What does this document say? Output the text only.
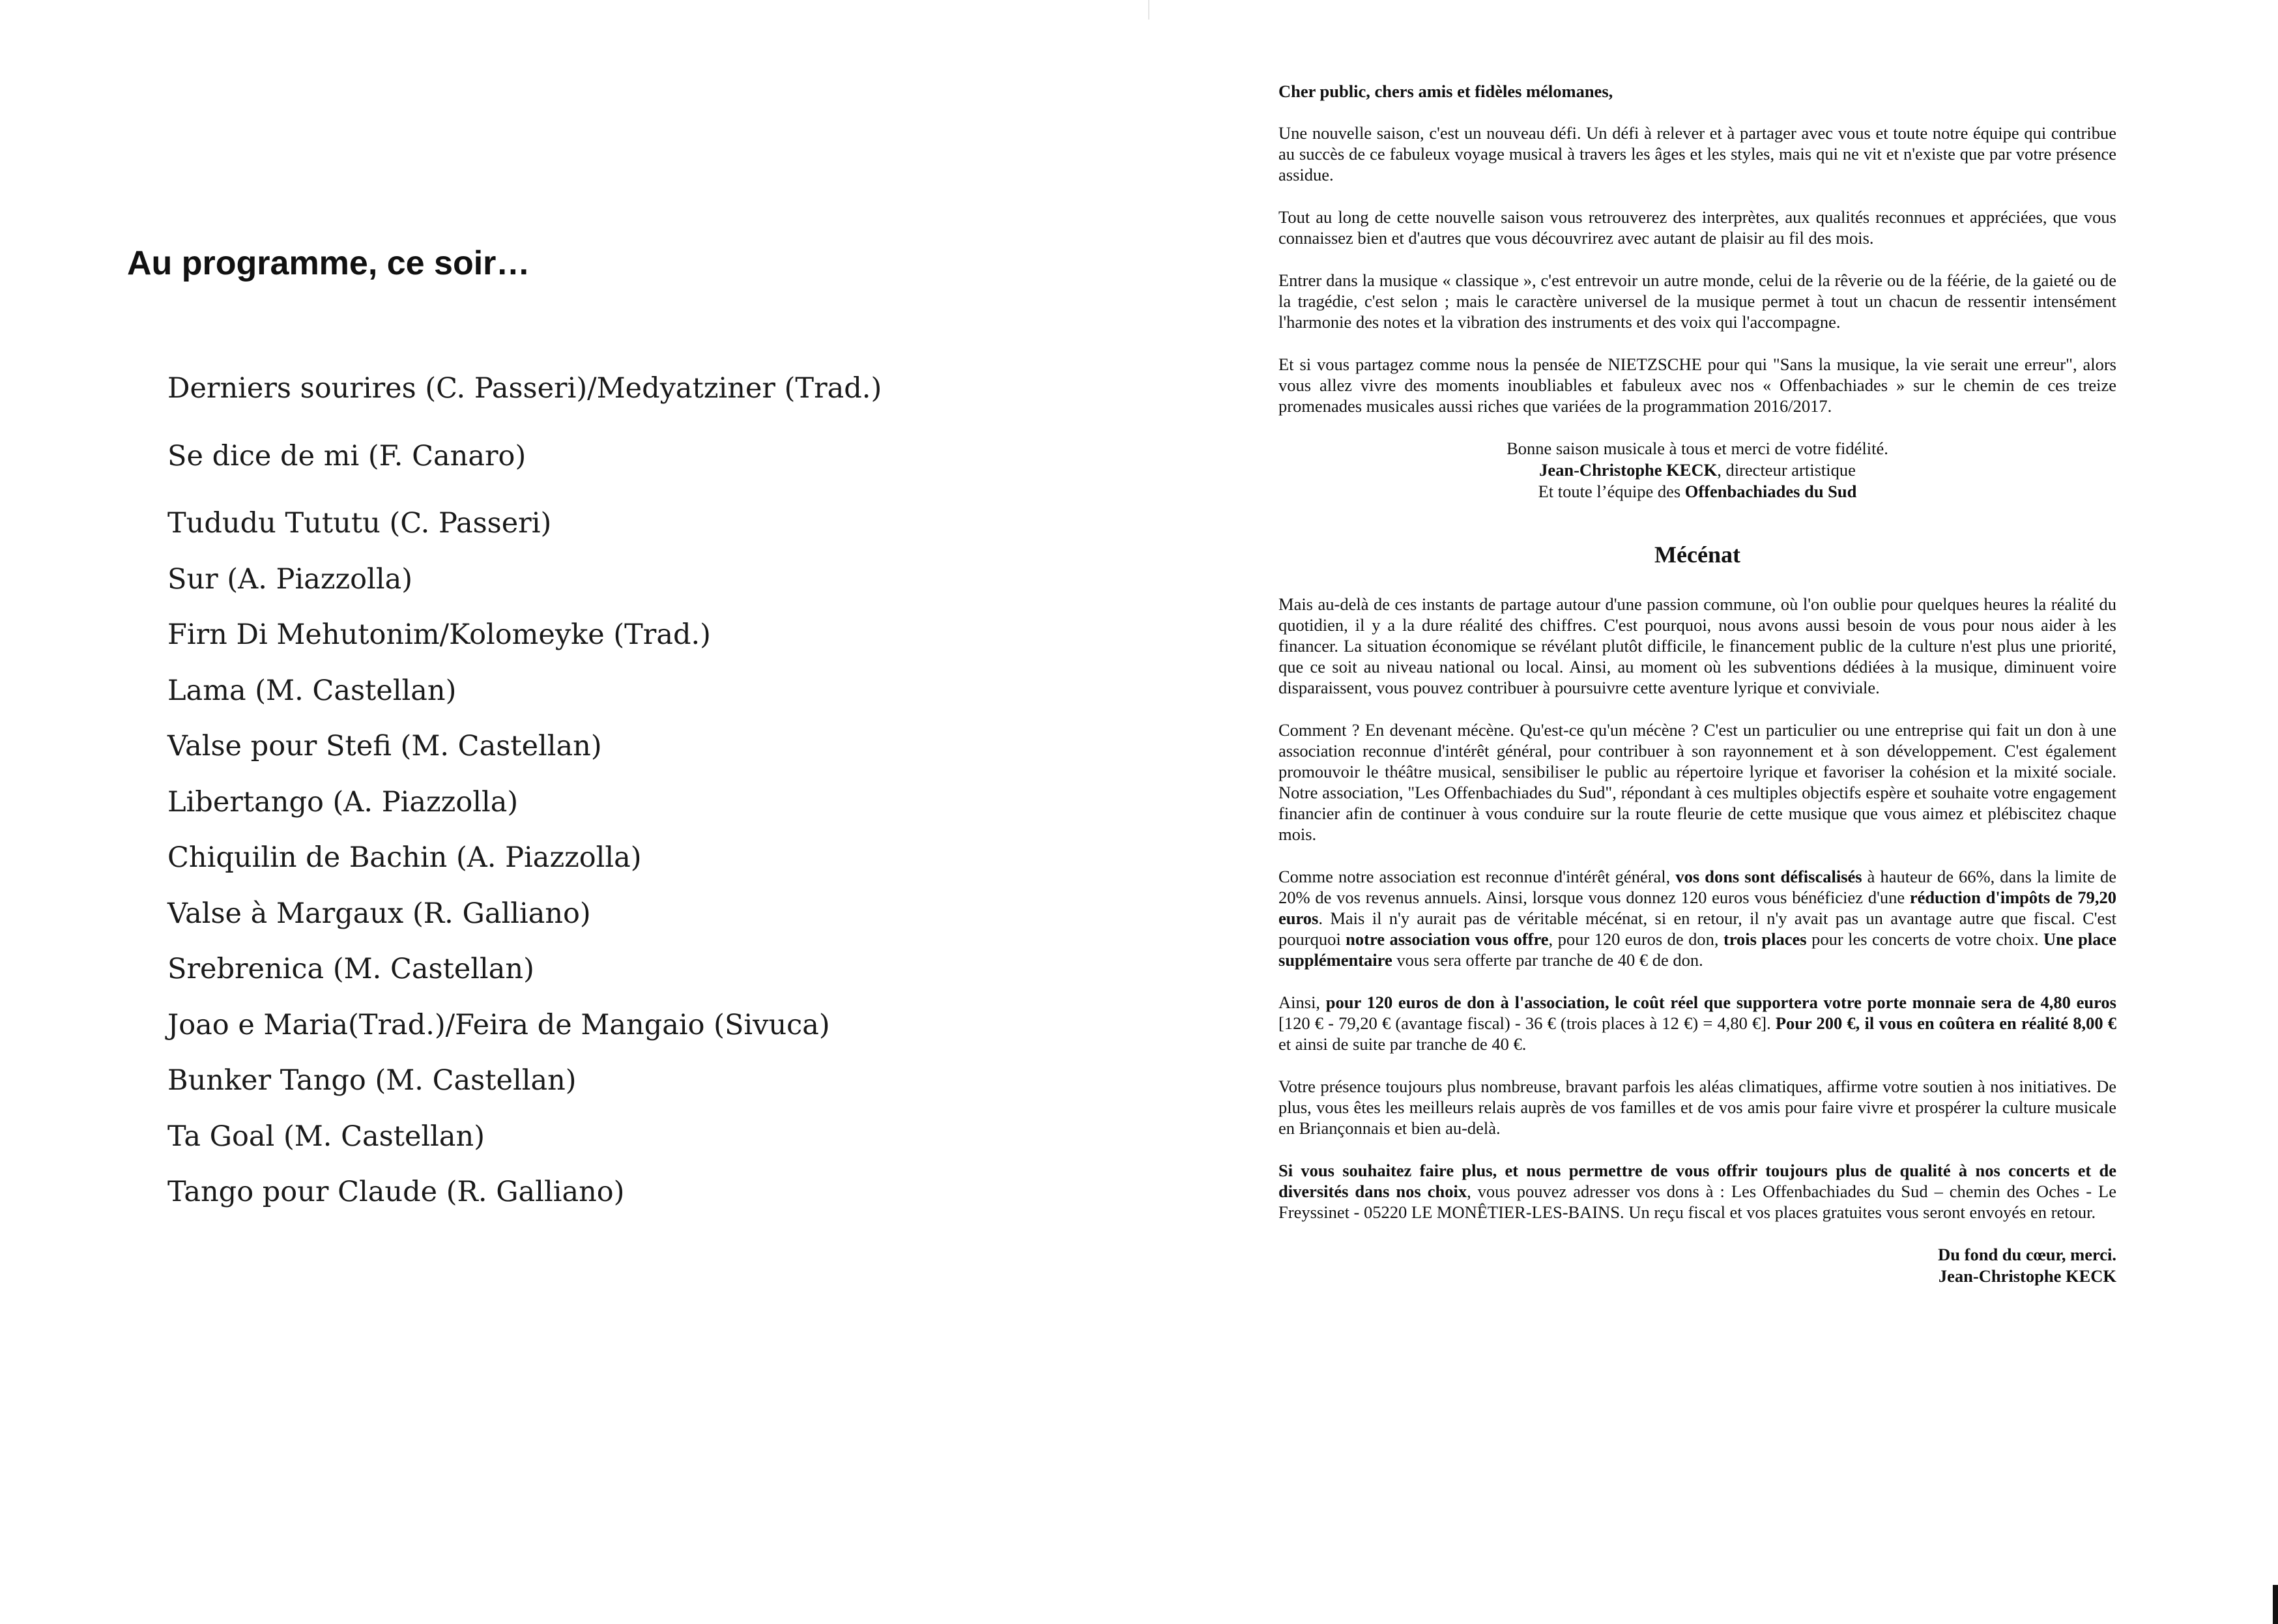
Au programme, ce soir…
Derniers sourires (C. Passeri)/Medyatziner (Trad.)
Se dice de mi (F. Canaro)
Tududu Tututu (C. Passeri)
Sur (A. Piazzolla)
Firn Di Mehutonim/Kolomeyke (Trad.)
Lama (M. Castellan)
Valse pour Stefi (M. Castellan)
Libertango (A. Piazzolla)
Chiquilin de Bachin (A. Piazzolla)
Valse à Margaux (R. Galliano)
Srebrenica (M. Castellan)
Joao e Maria(Trad.)/Feira de Mangaio (Sivuca)
Bunker Tango (M. Castellan)
Ta Goal (M. Castellan)
Tango pour Claude (R. Galliano)

Cher public, chers amis et fidèles mélomanes,

Une nouvelle saison, c'est un nouveau défi. Un défi à relever et à partager avec vous et toute notre équipe qui contribue au succès de ce fabuleux voyage musical à travers les âges et les styles, mais qui ne vit et n'existe que par votre présence assidue.

Tout au long de cette nouvelle saison vous retrouverez des interprètes, aux qualités reconnues et appréciées, que vous connaissez bien et d'autres que vous découvrirez avec autant de plaisir au fil des mois.

Entrer dans la musique « classique », c'est entrevoir un autre monde, celui de la rêverie ou de la féérie, de la gaieté ou de la tragédie, c'est selon ; mais le caractère universel de la musique permet à tout un chacun de ressentir intensément l'harmonie des notes et la vibration des instruments et des voix qui l'accompagne.

Et si vous partagez comme nous la pensée de NIETZSCHE pour qui "Sans la musique, la vie serait une erreur", alors vous allez vivre des moments inoubliables et fabuleux avec nos « Offenbachiades » sur le chemin de ces treize promenades musicales aussi riches que variées de la programmation 2016/2017.

Bonne saison musicale à tous et merci de votre fidélité.
Jean-Christophe KECK, directeur artistique
Et toute l’équipe des Offenbachiades du Sud
Mécénat

Mais au-delà de ces instants de partage autour d'une passion commune, où l'on oublie pour quelques heures la réalité du quotidien, il y a la dure réalité des chiffres. C'est pourquoi, nous avons aussi besoin de vous pour nous aider à les financer. La situation économique se révélant plutôt difficile, le financement public de la culture n'est plus une priorité, que ce soit au niveau national ou local. Ainsi, au moment où les subventions dédiées à la musique, diminuent voire disparaissent, vous pouvez contribuer à poursuivre cette aventure lyrique et conviviale.

Comment ? En devenant mécène. Qu'est-ce qu'un mécène ? C'est un particulier ou une entreprise qui fait un don à une association reconnue d'intérêt général, pour contribuer à son rayonnement et à son développement. C'est également promouvoir le théâtre musical, sensibiliser le public au répertoire lyrique et favoriser la cohésion et la mixité sociale. Notre association, "Les Offenbachiades du Sud", répondant à ces multiples objectifs espère et souhaite votre engagement financier afin de continuer à vous conduire sur la route fleurie de cette musique que vous aimez et plébiscitez chaque mois.

Comme notre association est reconnue d'intérêt général, vos dons sont défiscalisés à hauteur de 66%, dans la limite de 20% de vos revenus annuels. Ainsi, lorsque vous donnez 120 euros vous bénéficiez d'une réduction d'impôts de 79,20 euros. Mais il n'y aurait pas de véritable mécénat, si en retour, il n'y avait pas un avantage autre que fiscal. C'est pourquoi notre association vous offre, pour 120 euros de don, trois places pour les concerts de votre choix. Une place supplémentaire vous sera offerte par tranche de 40 € de don.

Ainsi, pour 120 euros de don à l'association, le coût réel que supportera votre porte monnaie sera de 4,80 euros [120 € - 79,20 € (avantage fiscal) - 36 € (trois places à 12 €) = 4,80 €]. Pour 200 €, il vous en coûtera en réalité 8,00 € et ainsi de suite par tranche de 40 €.

Votre présence toujours plus nombreuse, bravant parfois les aléas climatiques, affirme votre soutien à nos initiatives. De plus, vous êtes les meilleurs relais auprès de vos familles et de vos amis pour faire vivre et prospérer la culture musicale en Briançonnais et bien au-delà.

Si vous souhaitez faire plus, et nous permettre de vous offrir toujours plus de qualité à nos concerts et de diversités dans nos choix, vous pouvez adresser vos dons à : Les Offenbachiades du Sud – chemin des Oches - Le Freyssinet - 05220 LE MONÊTIER-LES-BAINS. Un reçu fiscal et vos places gratuites vous seront envoyés en retour.

Du fond du cœur, merci.
Jean-Christophe KECK
